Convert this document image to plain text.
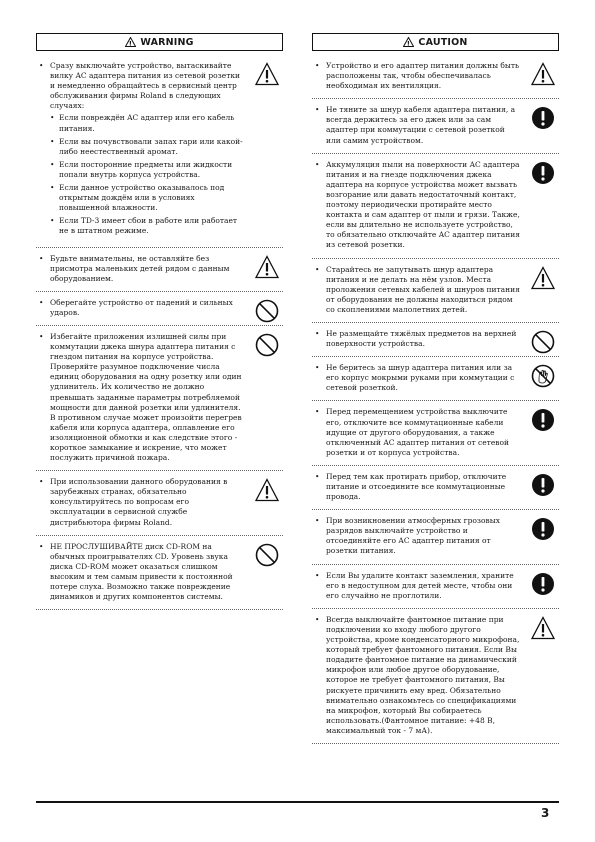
! WARNING
• Сразу выключайте устройство, вытаскивайте вилку AC адаптера питания из сетевой розетки и немедленно обращайтесь в сервисный центр обслуживания фирмы Roland в следующих случаях:
• Если повреждён AC адаптер или его кабель питания.
• Если вы почувствовали запах гари или какой-либо неестественный аромат.
• Если посторонние предметы или жидкости попали внутрь корпуса устройства.
• Если данное устройство оказывалось под открытым дождём или в условиях повышенной влажности.
• Если TD-3 имеет сбои в работе или работает не в штатном режиме.
• Будьте внимательны, не оставляйте без присмотра маленьких детей рядом с данным оборудованием.
• Оберегайте устройство от падений и сильных ударов.
• Избегайте приложения излишней силы при коммутации джека шнура адаптера питания с гнездом питания на корпусе устройства. Проверяйте разумное подключение числа единиц оборудования на одну розетку или один удлинитель. Их количество не должно превышать заданные параметры потребляемой мощности для данной розетки или удлинителя. В противном случае может произойти перегрев кабеля или корпуса адаптера, оплавление его изоляционной обмотки и как следствие этого - короткое замыкание и искрение, что может послужить причиной пожара.
• При использовании данного оборудования в зарубежных странах, обязательно консультируйтесь по вопросам его эксплуатации в сервисной службе дистрибьютора фирмы Roland.
• НЕ ПРОСЛУШИВАЙТЕ диск CD-ROM на обычных проигрывателях CD. Уровень звука диска CD-ROM может оказаться слишком высоким и тем самым привести к постоянной потере слуха. Возможно также повреждение динамиков и других компонентов системы.
! CAUTION
• Устройство и его адаптер питания должны быть расположены так, чтобы обеспечивалась необходимая их вентиляция.
• Не тяните за шнур кабеля адаптера питания, а всегда держитесь за его джек или за сам адаптер при коммутации с сетевой розеткой или самим устройством.
• Аккумуляция пыли на поверхности AC адаптера питания и на гнезде подключения джека адаптера на корпусе устройства может вызвать возгорание или давать недостаточный контакт, поэтому периодически протирайте место контакта и сам адаптер от пыли и грязи. Также, если вы длительно не используете устройство, то обязательно отключайте AC адаптер питания из сетевой розетки.
• Старайтесь не запутывать шнур адаптера питания и не делать на нём узлов. Места проложения сетевых кабелей и шнуров питания от оборудования не должны находиться рядом со скоплениями малолетних детей.
• Не размещайте тяжёлых предметов на верхней поверхности устройства.
• Не беритесь за шнур адаптера питания или за его корпус мокрыми руками при коммутации с сетевой розеткой.
• Перед перемещением устройства выключите его, отключите все коммутационные кабели идущие от другого оборудования, а также отключенный AC адаптер питания от сетевой розетки и от корпуса устройства.
• Перед тем как протирать прибор, отключите питание и отсоедините все коммутационные провода.
• При возникновении атмосферных грозовых разрядов выключайте устройство и отсоединяйте его AC адаптер питания от розетки питания.
• Если Вы удалите контакт заземления, храните его в недоступном для детей месте, чтобы они его случайно не проглотили.
• Всегда выключайте фантомное питание при подключении ко входу любого другого устройства, кроме конденсаторного микрофона, который требует фантомного питания. Если Вы подадите фантомное питание на динамический микрофон или любое другое оборудование, которое не требует фантомного питания, Вы рискуете причинить ему вред. Обязательно внимательно ознакомьтесь со спецификациями на микрофон, который Вы собираетесь использовать.(Фантомное питание: +48 В, максимальный ток - 7 мА).
3
